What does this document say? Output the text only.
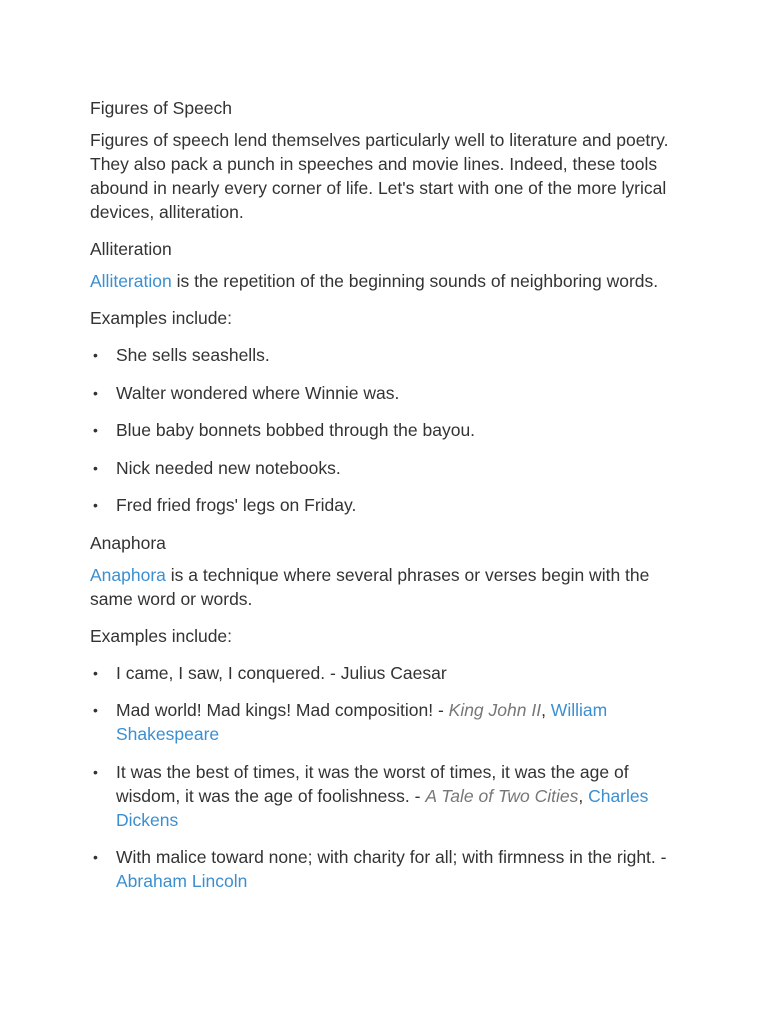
Figures of Speech

Figures of speech lend themselves particularly well to literature and poetry. They also pack a punch in speeches and movie lines. Indeed, these tools abound in nearly every corner of life. Let's start with one of the more lyrical devices, alliteration.

Alliteration

Alliteration is the repetition of the beginning sounds of neighboring words.

Examples include:

• She sells seashells.
• Walter wondered where Winnie was.
• Blue baby bonnets bobbed through the bayou.
• Nick needed new notebooks.
• Fred fried frogs' legs on Friday.
Anaphora

Anaphora is a technique where several phrases or verses begin with the same word or words.

Examples include:

• I came, I saw, I conquered. - Julius Caesar
• Mad world! Mad kings! Mad composition! - King John II, William Shakespeare
• It was the best of times, it was the worst of times, it was the age of wisdom, it was the age of foolishness. - A Tale of Two Cities, Charles Dickens
• With malice toward none; with charity for all; with firmness in the right. - Abraham Lincoln
